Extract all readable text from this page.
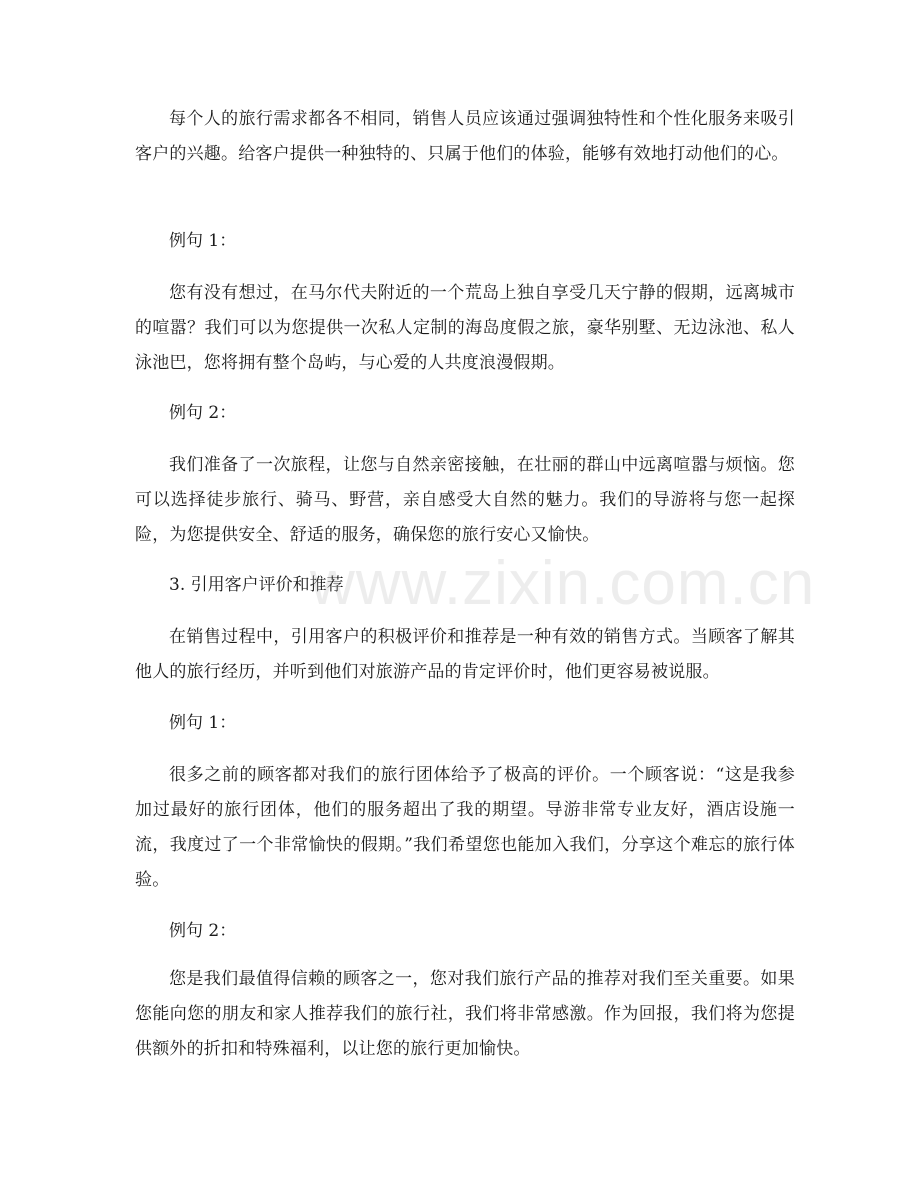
每个人的旅行需求都各不相同，销售人员应该通过强调独特性和个性化服务来吸引客户的兴趣。给客户提供一种独特的、只属于他们的体验，能够有效地打动他们的心。

例句 1：

您有没有想过，在马尔代夫附近的一个荒岛上独自享受几天宁静的假期，远离城市的喧嚣？我们可以为您提供一次私人定制的海岛度假之旅，豪华别墅、无边泳池、私人泳池巴，您将拥有整个岛屿，与心爱的人共度浪漫假期。

例句 2：

我们准备了一次旅程，让您与自然亲密接触，在壮丽的群山中远离喧嚣与烦恼。您可以选择徒步旅行、骑马、野营，亲自感受大自然的魅力。我们的导游将与您一起探险，为您提供安全、舒适的服务，确保您的旅行安心又愉快。

3. 引用客户评价和推荐

在销售过程中，引用客户的积极评价和推荐是一种有效的销售方式。当顾客了解其他人的旅行经历，并听到他们对旅游产品的肯定评价时，他们更容易被说服。

例句 1：

很多之前的顾客都对我们的旅行团体给予了极高的评价。一个顾客说：“这是我参加过最好的旅行团体，他们的服务超出了我的期望。导游非常专业友好，酒店设施一流，我度过了一个非常愉快的假期。”我们希望您也能加入我们，分享这个难忘的旅行体验。

例句 2：

您是我们最值得信赖的顾客之一，您对我们旅行产品的推荐对我们至关重要。如果您能向您的朋友和家人推荐我们的旅行社，我们将非常感激。作为回报，我们将为您提供额外的折扣和特殊福利，以让您的旅行更加愉快。

www.zixin.com.cn
